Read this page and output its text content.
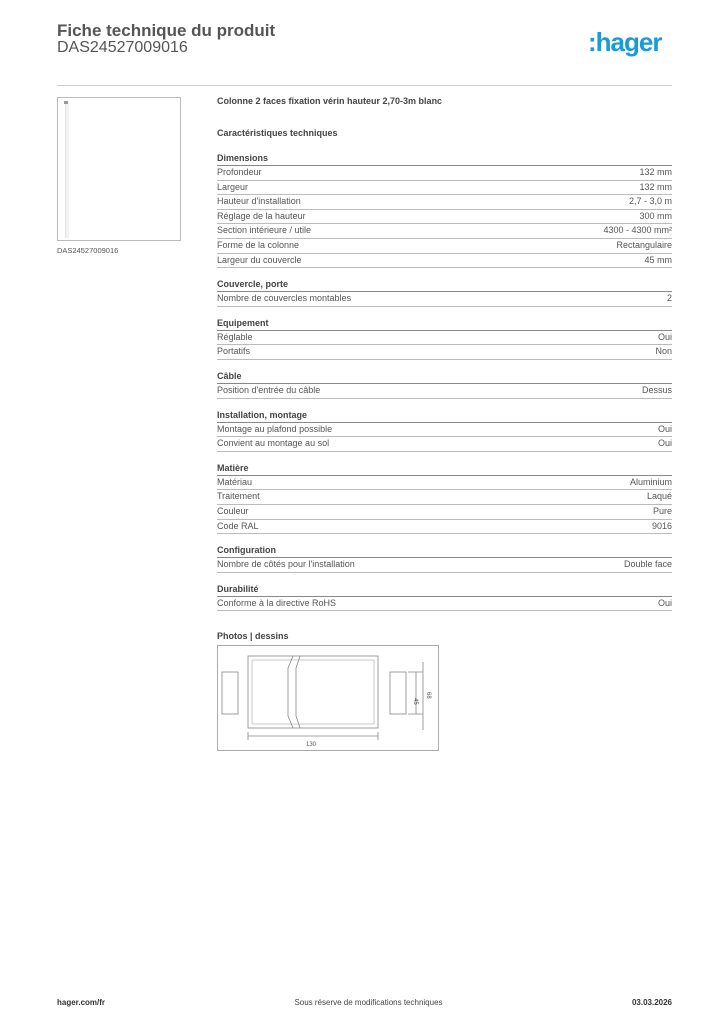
Fiche technique du produit
DAS24527009016	:hager
DAS24527009016
Colonne 2 faces fixation vérin hauteur 2,70-3m blanc
Caractéristiques techniques
Dimensions
Profondeur	132 mm
Largeur	132 mm
Hauteur d'installation	2,7 - 3,0 m
Réglage de la hauteur	300 mm
Section intérieure / utile	4300 - 4300 mm²
Forme de la colonne	Rectangulaire
Largeur du couvercle	45 mm
Couvercle, porte
Nombre de couvercles montables	2
Equipement
Réglable	Oui
Portatifs	Non
Câble
Position d'entrée du câble	Dessus
Installation, montage
Montage au plafond possible	Oui
Convient au montage au sol	Oui
Matière
Matériau	Aluminium
Traitement	Laqué
Couleur	Pure
Code RAL	9016
Configuration
Nombre de côtés pour l'installation	Double face
Durabilité
Conforme à la directive RoHS	Oui
Photos | dessins
130
45
68
hager.com/fr	Sous réserve de modifications techniques	03.03.2026
